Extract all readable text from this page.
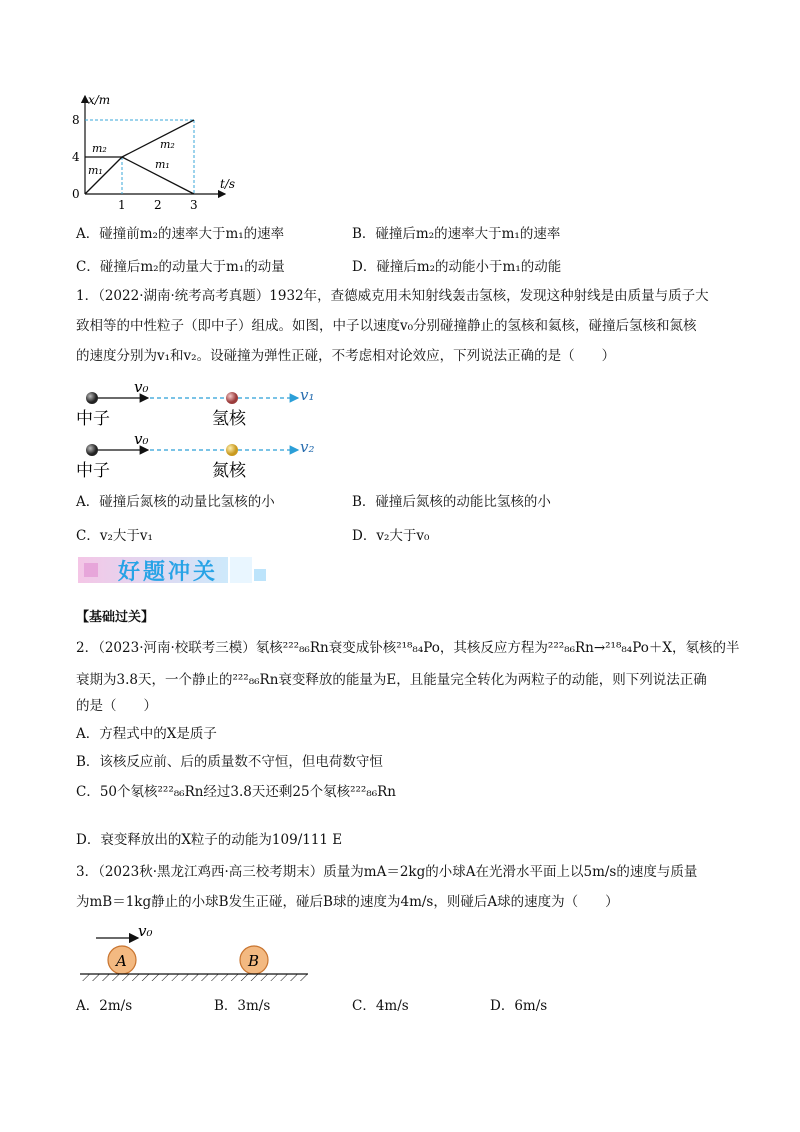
x/m
t/s
8
4
0
1 2 3
m₂
m₁
m₂
m₁
A．碰撞前m₂的速率大于m₁的速率	B．碰撞后m₂的速率大于m₁的速率
C．碰撞后m₂的动量大于m₁的动量	D．碰撞后m₂的动能小于m₁的动能
1．（2022·湖南·统考高考真题）1932年，查德威克用未知射线轰击氢核，发现这种射线是由质量与质子大
致相等的中性粒子（即中子）组成。如图，中子以速度v₀分别碰撞静止的氢核和氦核，碰撞后氢核和氮核
的速度分别为v₁和v₂。设碰撞为弹性正碰，不考虑相对论效应，下列说法正确的是（　　）
v₀	v₁
中子	氢核
v₀	v₂
中子	氮核
A．碰撞后氮核的动量比氢核的小	B．碰撞后氮核的动能比氢核的小
C．v₂大于v₁	D．v₂大于v₀
好题冲关
【基础过关】
2．（2023·河南·校联考三模）氡核²²²₈₆Rn衰变成钋核²¹⁸₈₄Po，其核反应方程为²²²₈₆Rn→²¹⁸₈₄Po＋X，氡核的半
衰期为3.8天，一个静止的²²²₈₆Rn衰变释放的能量为E，且能量完全转化为两粒子的动能，则下列说法正确
的是（　　）
A．方程式中的X是质子
B．该核反应前、后的质量数不守恒，但电荷数守恒
C．50个氡核²²²₈₆Rn经过3.8天还剩25个氡核²²²₈₆Rn
D．衰变释放出的X粒子的动能为109/111 E
3．（2023秋·黑龙江鸡西·高三校考期末）质量为mA＝2kg的小球A在光滑水平面上以5m/s的速度与质量
为mB＝1kg静止的小球B发生正碰，碰后B球的速度为4m/s，则碰后A球的速度为（　　）
v₀
A	B
A．2m/s	B．3m/s	C．4m/s	D．6m/s
